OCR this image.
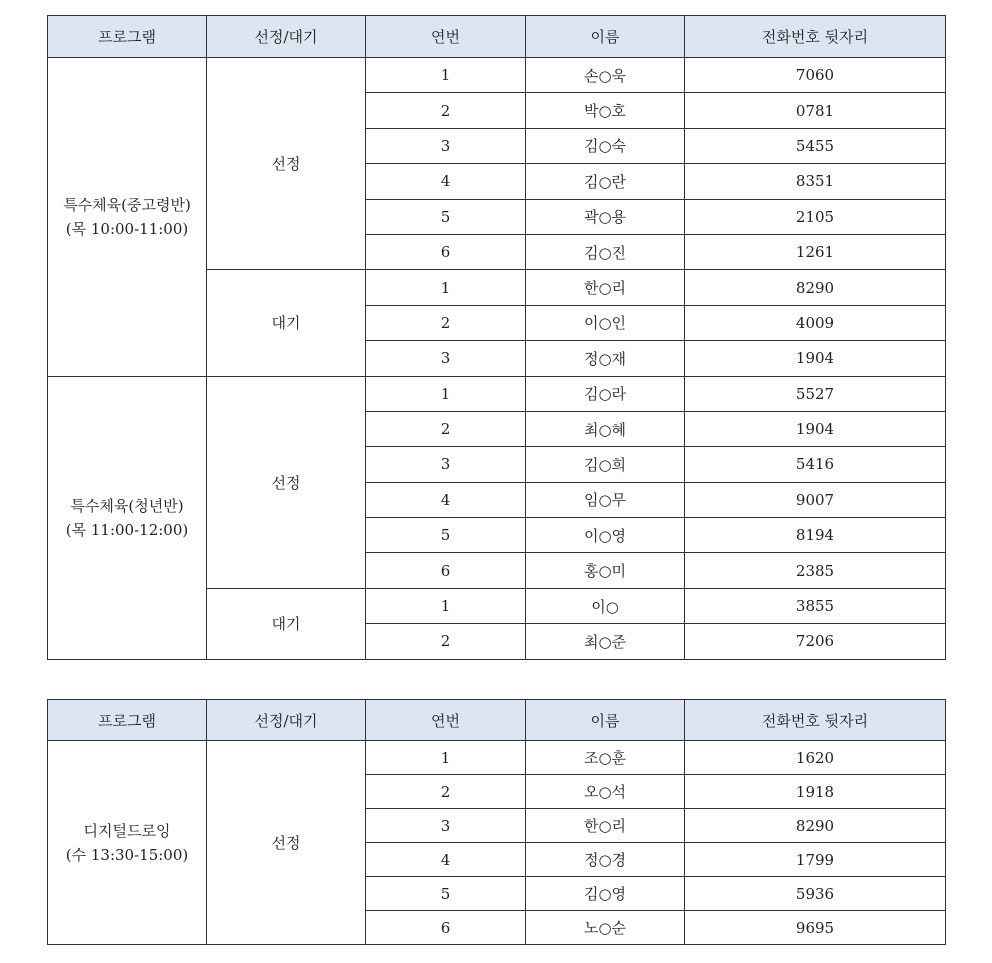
프로그램	선정/대기	연번	이름	전화번호 뒷자리

특수체육(중고령반)
(목 10:00-11:00)	선정	1	손○욱	7060
		2	박○호	0781
		3	김○숙	5455
		4	김○란	8351
		5	곽○용	2105
		6	김○진	1261
	대기	1	한○리	8290
		2	이○인	4009
		3	정○재	1904

특수체육(청년반)
(목 11:00-12:00)	선정	1	김○라	5527
		2	최○혜	1904
		3	김○희	5416
		4	임○무	9007
		5	이○영	8194
		6	홍○미	2385
	대기	1	이○	3855
		2	최○준	7206
프로그램	선정/대기	연번	이름	전화번호 뒷자리

디지털드로잉
(수 13:30-15:00)	선정	1	조○훈	1620
		2	오○석	1918
		3	한○리	8290
		4	정○경	1799
		5	김○영	5936
		6	노○순	9695
